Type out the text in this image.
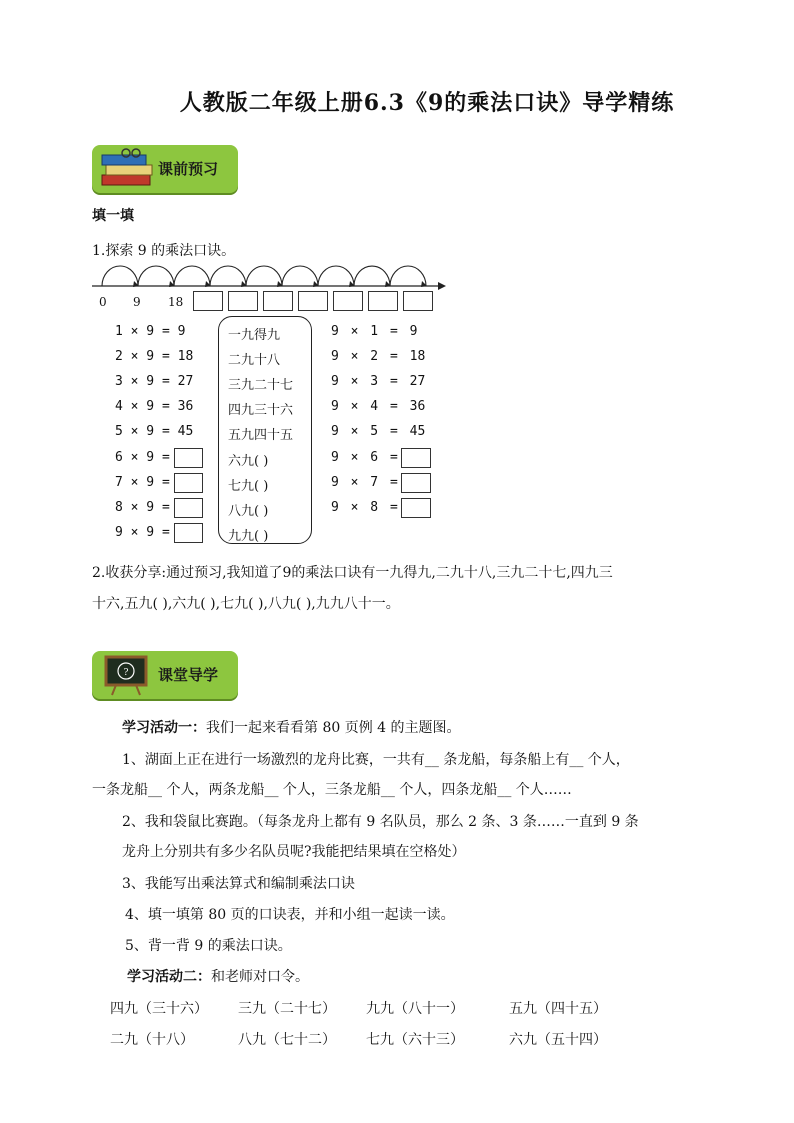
人教版二年级上册6.3《9的乘法口诀》导学精练
课前预习
填一填
1.探索 9 的乘法口诀。
0 9 18
1 × 9 = 9
2 × 9 = 18
3 × 9 = 27
4 × 9 = 36
5 × 9 = 45
6 × 9 =
7 × 9 =
8 × 9 =
9 × 9 =
一九得九
二九十八
三九二十七
四九三十六
五九四十五
六九( )
七九( )
八九( )
九九( )
9 × 1 = 9
9 × 2 = 18
9 × 3 = 27
9 × 4 = 36
9 × 5 = 45
9 × 6 =
9 × 7 =
9 × 8 =
2.收获分享:通过预习,我知道了9的乘法口诀有一九得九,二九十八,三九二十七,四九三
十六,五九( ),六九( ),七九( ),八九( ),九九八十一。
? 课堂导学
学习活动一：我们一起来看看第 80 页例 4 的主题图。
1、湖面上正在进行一场激烈的龙舟比赛，一共有__ 条龙船，每条船上有__ 个人，
一条龙船__ 个人，两条龙船__ 个人，三条龙船__ 个人，四条龙船__ 个人……
2、我和袋鼠比赛跑。（每条龙舟上都有 9 名队员，那么 2 条、3 条……一直到 9 条
龙舟上分别共有多少名队员呢?我能把结果填在空格处）
3、我能写出乘法算式和编制乘法口诀
4、填一填第 80 页的口诀表，并和小组一起读一读。
5、背一背 9 的乘法口诀。
学习活动二：和老师对口令。
四九（三十六） 三九（二十七） 九九（八十一）	五九（四十五）
二九（十八）	八九（七十二） 七九（六十三）	六九（五十四）
